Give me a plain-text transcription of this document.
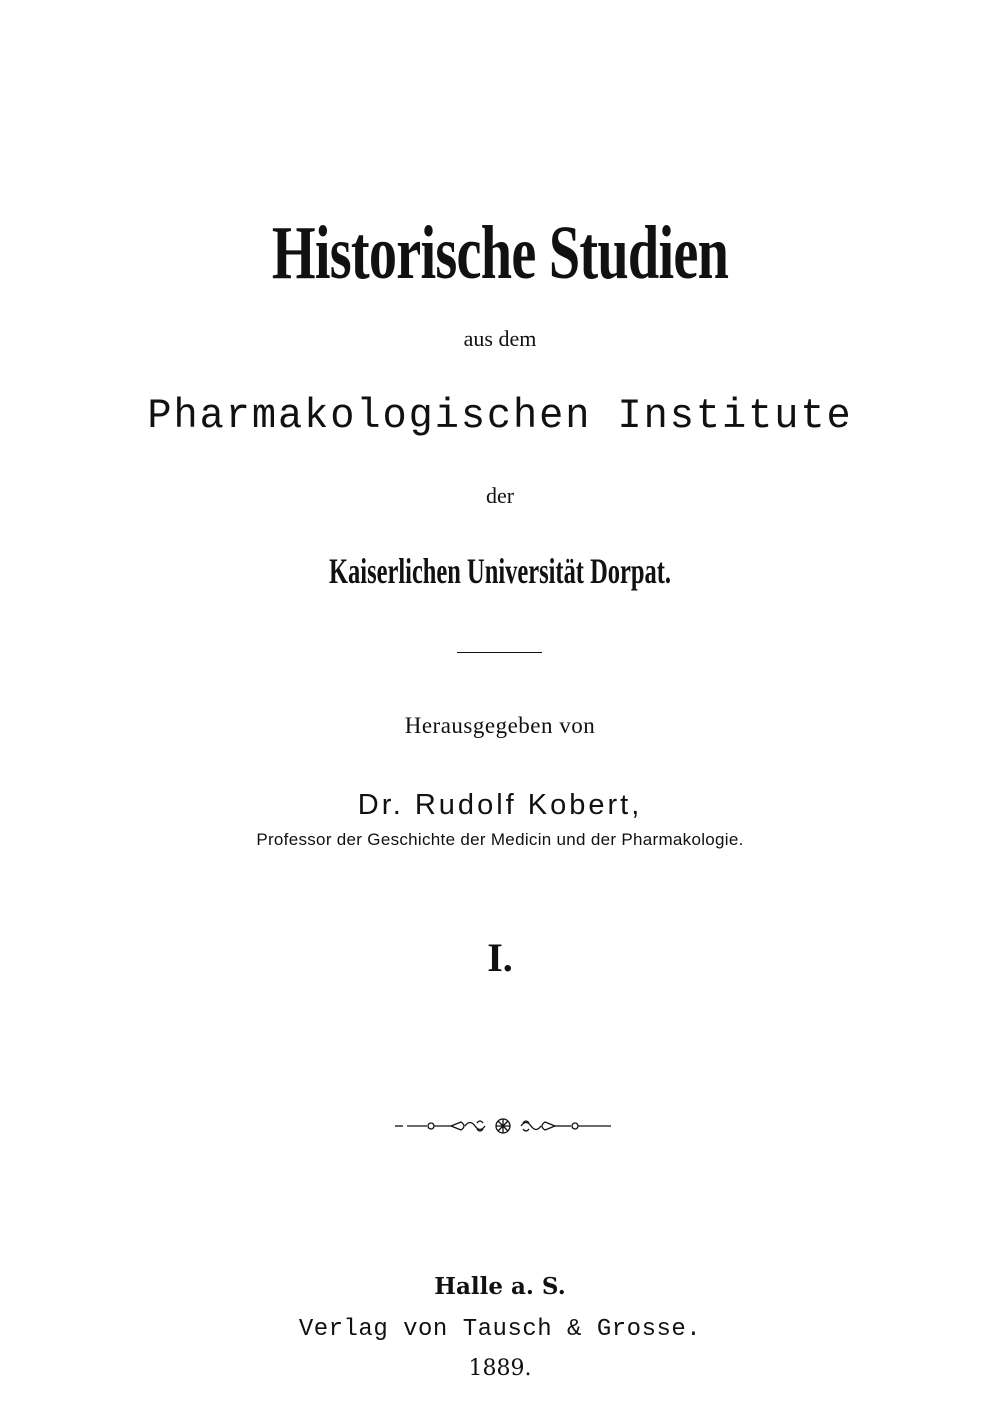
Historische Studien
aus dem
Pharmakologischen Institute
der
Kaiserlichen Universität Dorpat.
Herausgegeben von
Dr. Rudolf Kobert,
Professor der Geschichte der Medicin und der Pharmakologie.
I.
Halle a. S.
Verlag von Tausch & Grosse.
1889.
